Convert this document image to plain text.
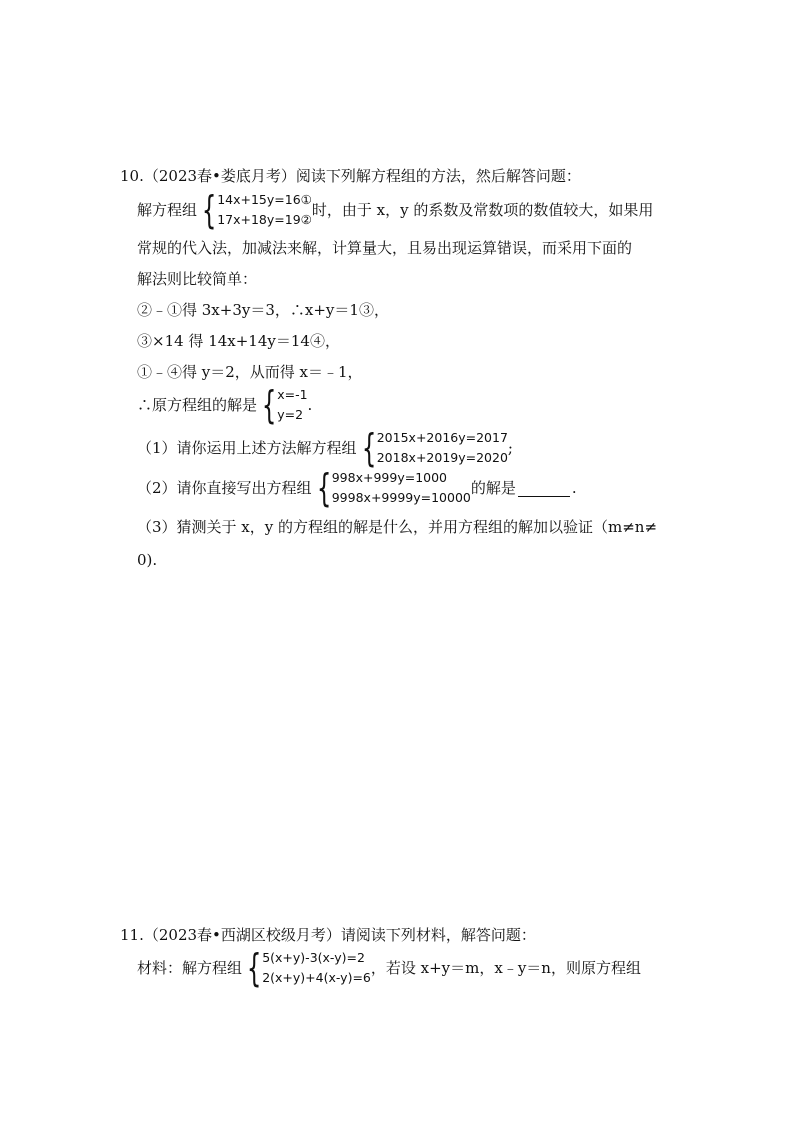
10.（2023春•娄底月考）阅读下列解方程组的方法，然后解答问题：
解方程组 { 14x+15y=16①
17x+18y=19②
时，由于 x，y 的系数及常数项的数值较大，如果用
常规的代入法，加减法来解，计算量大，且易出现运算错误，而采用下面的
解法则比较简单：
②﹣①得 3x+3y＝3，∴x+y＝1③，
③×14 得 14x+14y＝14④，
①﹣④得 y＝2，从而得 x＝﹣1，
∴原方程组的解是 { x=-1
y=2
.
（1）请你运用上述方法解方程组 { 2015x+2016y=2017
2018x+2019y=2020
;
（2）请你直接写出方程组 { 998x+999y=1000
9998x+9999y=10000
的解是	.
（3）猜测关于 x，y 的方程组的解是什么，并用方程组的解加以验证（m≠n≠
0).
11.（2023春•西湖区校级月考）请阅读下列材料，解答问题：
材料：解方程组 { 5(x+y)-3(x-y)=2
2(x+y)+4(x-y)=6
，若设 x+y＝m，x﹣y＝n，则原方程组
